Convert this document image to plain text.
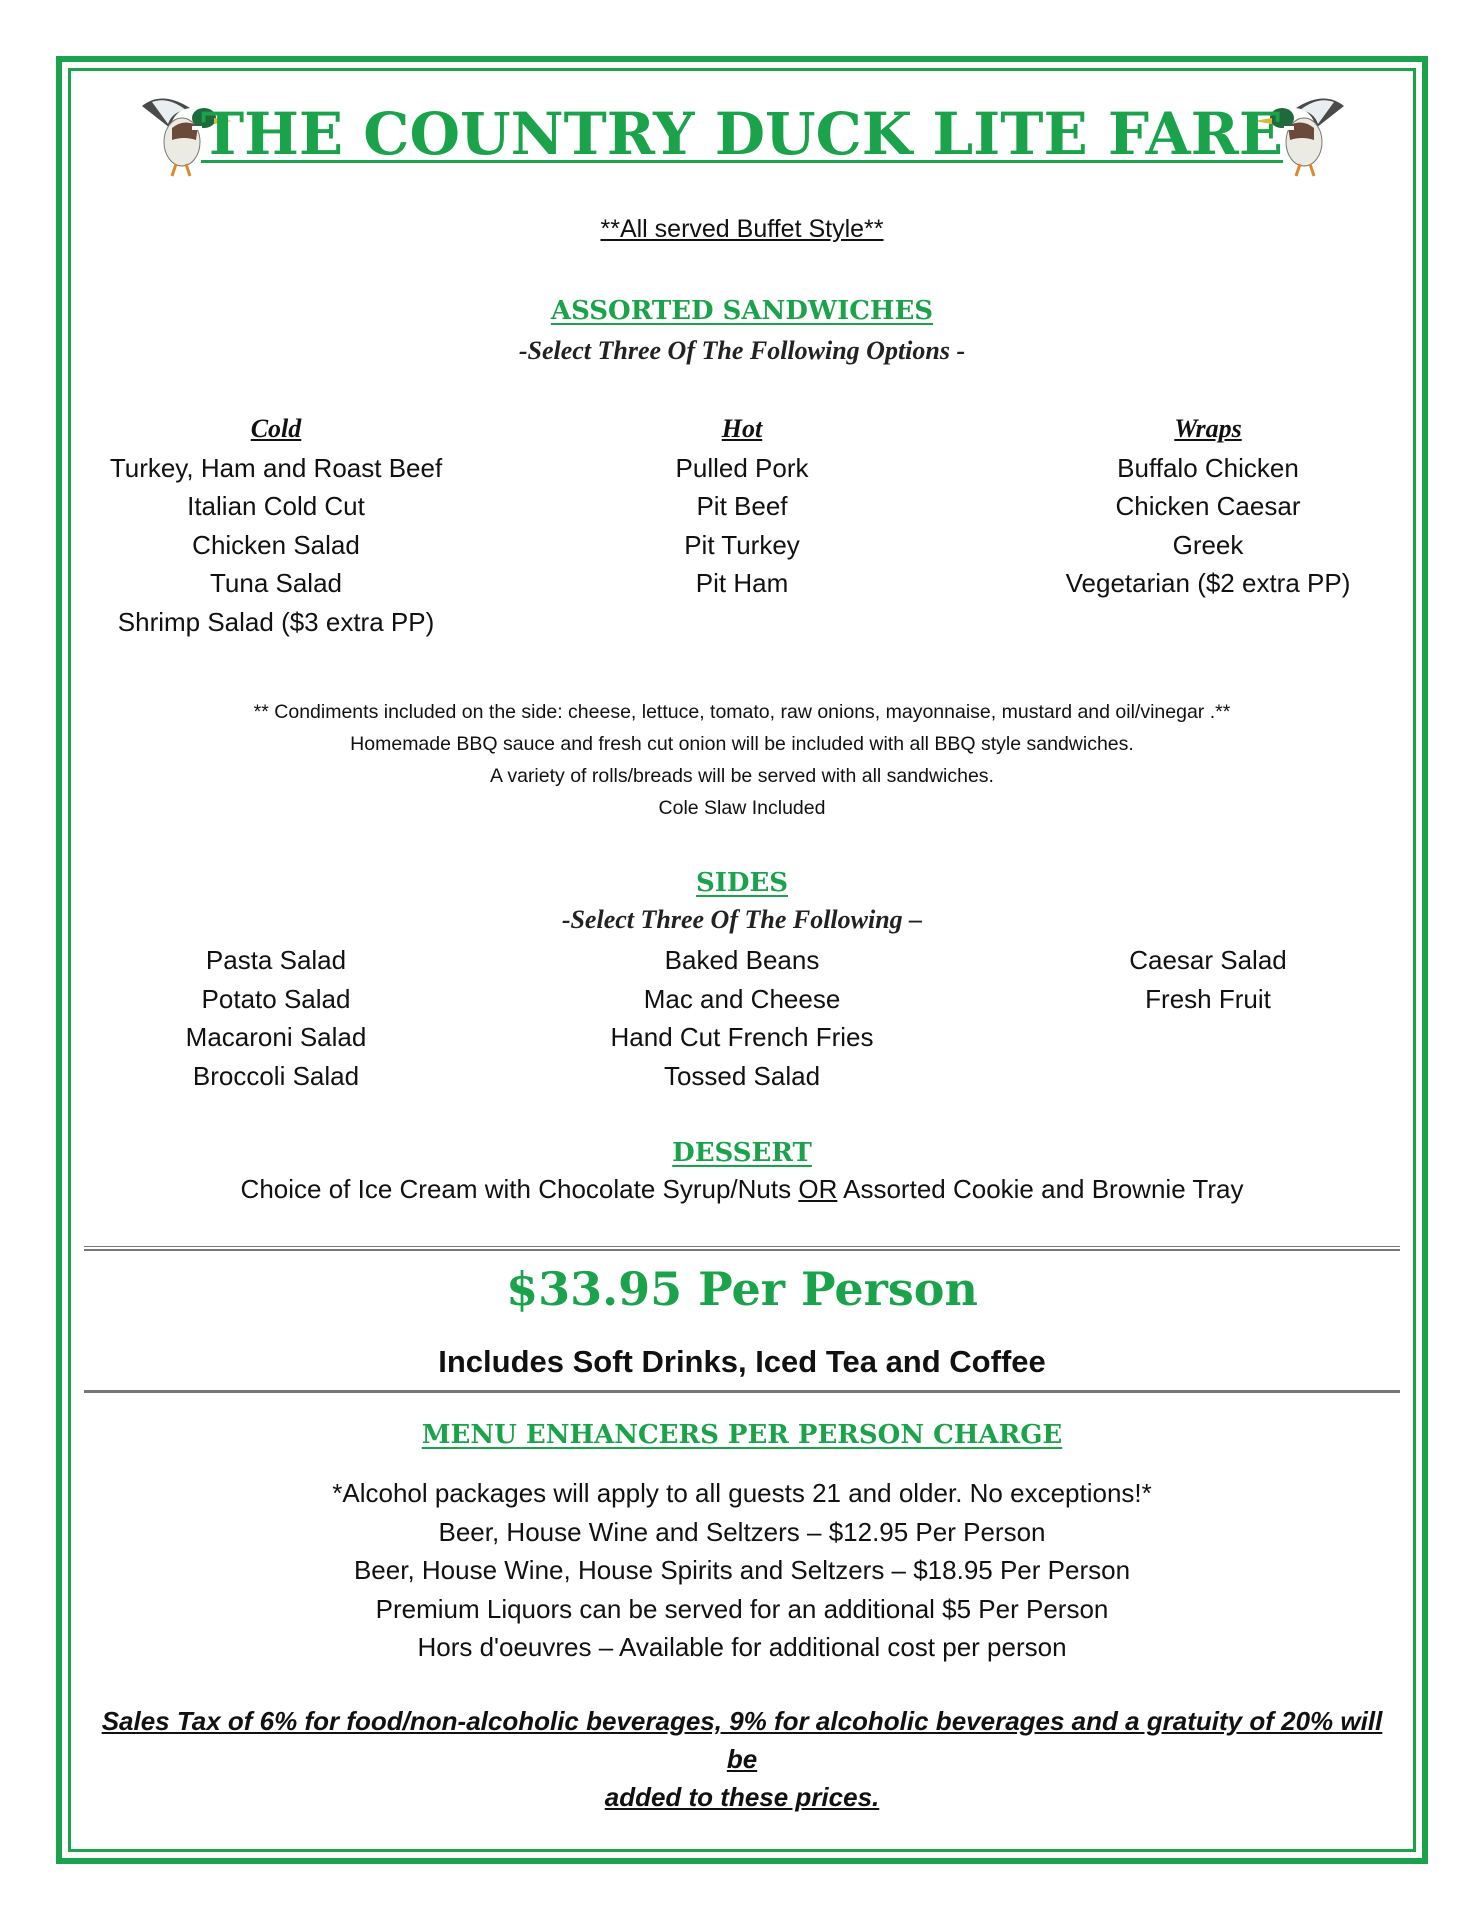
THE COUNTRY DUCK LITE FARE
**All served Buffet Style**
ASSORTED SANDWICHES
-Select Three Of The Following Options -
Cold
Turkey, Ham and Roast Beef
Italian Cold Cut
Chicken Salad
Tuna Salad
Shrimp Salad ($3 extra PP)
Hot
Pulled Pork
Pit Beef
Pit Turkey
Pit Ham
Wraps
Buffalo Chicken
Chicken Caesar
Greek
Vegetarian ($2 extra PP)
** Condiments included on the side: cheese, lettuce, tomato, raw onions, mayonnaise, mustard and oil/vinegar .**
Homemade BBQ sauce and fresh cut onion will be included with all BBQ style sandwiches.
A variety of rolls/breads will be served with all sandwiches.
Cole Slaw Included
SIDES
-Select Three Of The Following –
Pasta Salad
Potato Salad
Macaroni Salad
Broccoli Salad
Baked Beans
Mac and Cheese
Hand Cut French Fries
Tossed Salad
Caesar Salad
Fresh Fruit
DESSERT
Choice of Ice Cream with Chocolate Syrup/Nuts OR Assorted Cookie and Brownie Tray
$33.95 Per Person
Includes Soft Drinks, Iced Tea and Coffee
MENU ENHANCERS PER PERSON CHARGE
*Alcohol packages will apply to all guests 21 and older. No exceptions!*
Beer, House Wine and Seltzers – $12.95 Per Person
Beer, House Wine, House Spirits and Seltzers – $18.95 Per Person
Premium Liquors can be served for an additional $5 Per Person
Hors d'oeuvres – Available for additional cost per person
Sales Tax of 6% for food/non-alcoholic beverages, 9% for alcoholic beverages and a gratuity of 20% will be
added to these prices.
